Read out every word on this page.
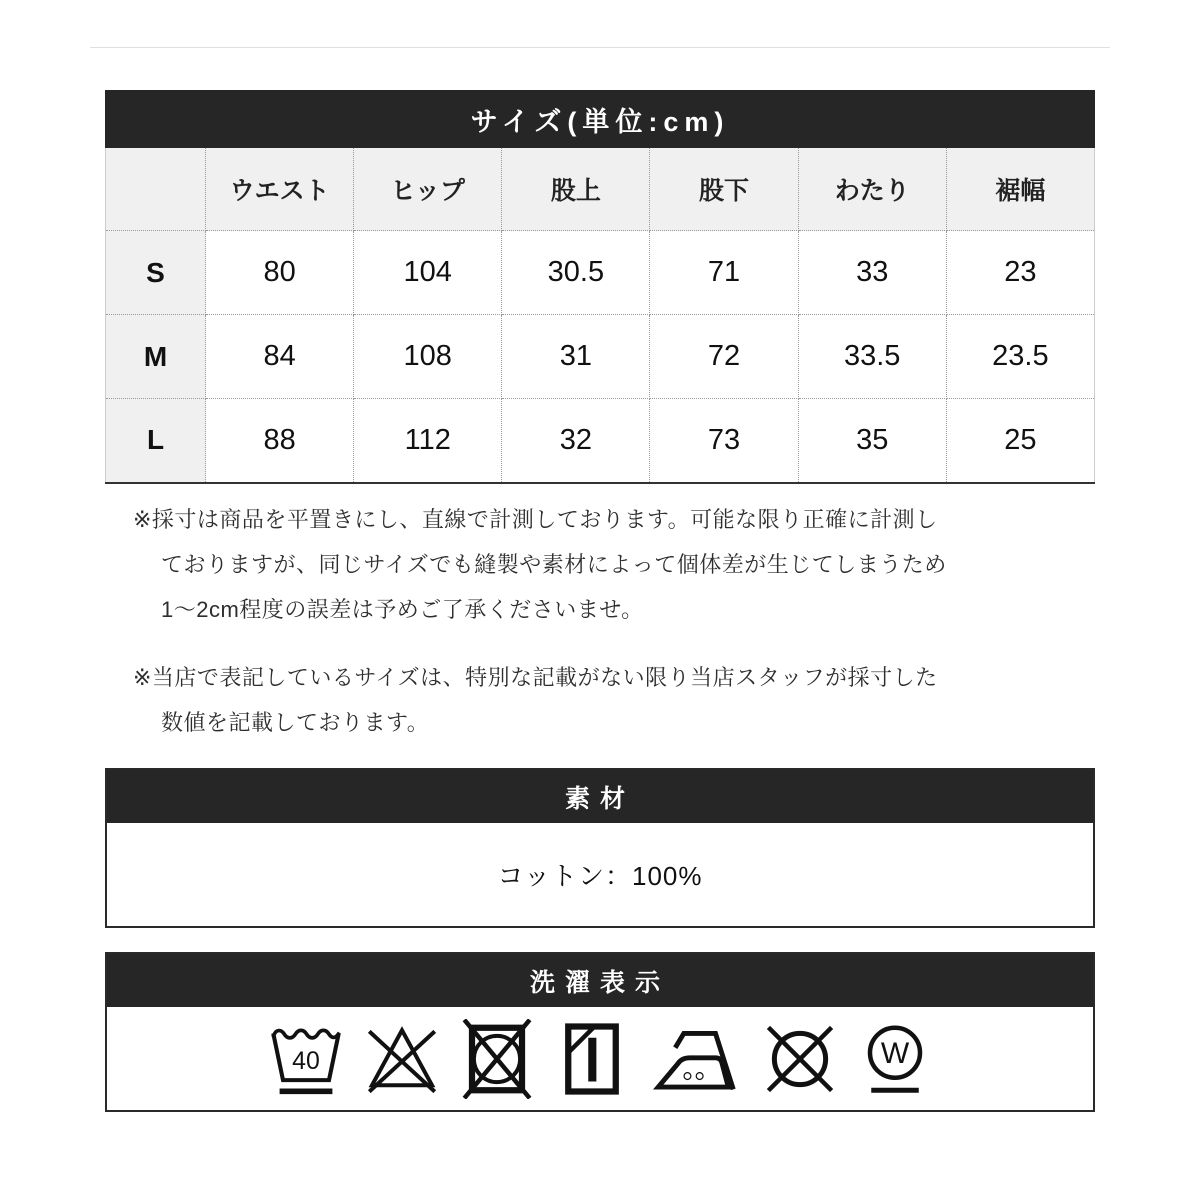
サイズ(単位:cm)
	ウエスト	ヒップ	股上	股下	わたり	裾幅
S	80	104	30.5	71	33	23
M	84	108	31	72	33.5	23.5
L	88	112	32	73	35	25
※採寸は商品を平置きにし、直線で計測しております。可能な限り正確に計測し
ておりますが、同じサイズでも縫製や素材によって個体差が生じてしまうため
1〜2cm程度の誤差は予めご了承くださいませ。
※当店で表記しているサイズは、特別な記載がない限り当店スタッフが採寸した
数値を記載しております。
素材
コットン：100%
洗濯表示
40	W
